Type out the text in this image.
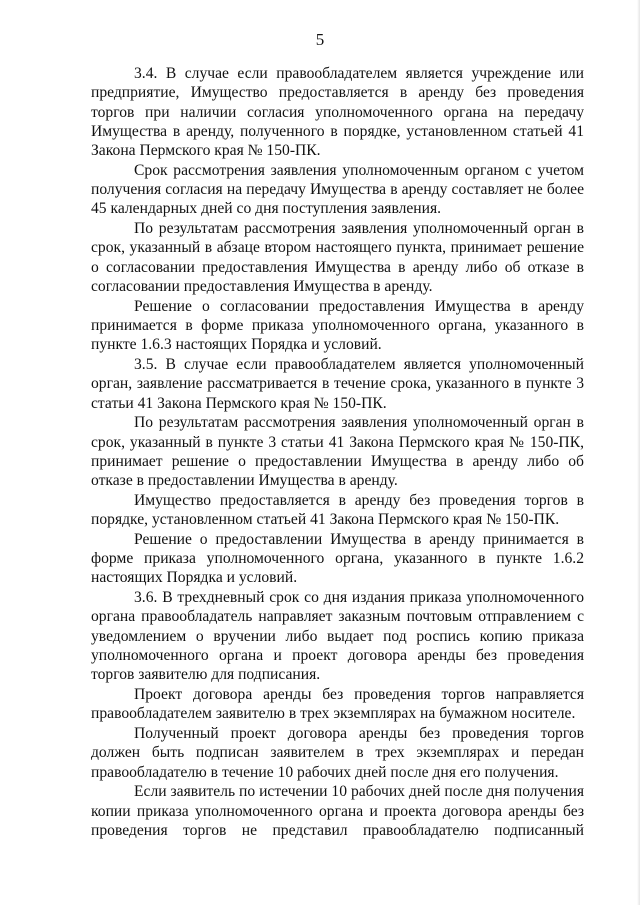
5

3.4. В случае если правообладателем является учреждение или предприятие, Имущество предоставляется в аренду без проведения торгов при наличии согласия уполномоченного органа на передачу Имущества в аренду, полученного в порядке, установленном статьей 41 Закона Пермского края № 150-ПК.

Срок рассмотрения заявления уполномоченным органом с учетом получения согласия на передачу Имущества в аренду составляет не более 45 календарных дней со дня поступления заявления.

По результатам рассмотрения заявления уполномоченный орган в срок, указанный в абзаце втором настоящего пункта, принимает решение о согласовании предоставления Имущества в аренду либо об отказе в согласовании предоставления Имущества в аренду.

Решение о согласовании предоставления Имущества в аренду принимается в форме приказа уполномоченного органа, указанного в пункте 1.6.3 настоящих Порядка и условий.

3.5. В случае если правообладателем является уполномоченный орган, заявление рассматривается в течение срока, указанного в пункте 3 статьи 41 Закона Пермского края № 150-ПК.

По результатам рассмотрения заявления уполномоченный орган в срок, указанный в пункте 3 статьи 41 Закона Пермского края № 150-ПК, принимает решение о предоставлении Имущества в аренду либо об отказе в предоставлении Имущества в аренду.

Имущество предоставляется в аренду без проведения торгов в порядке, установленном статьей 41 Закона Пермского края № 150-ПК.

Решение о предоставлении Имущества в аренду принимается в форме приказа уполномоченного органа, указанного в пункте 1.6.2 настоящих Порядка и условий.

3.6. В трехдневный срок со дня издания приказа уполномоченного органа правообладатель направляет заказным почтовым отправлением с уведомлением о вручении либо выдает под роспись копию приказа уполномоченного органа и проект договора аренды без проведения торгов заявителю для подписания.

Проект договора аренды без проведения торгов направляется правообладателем заявителю в трех экземплярах на бумажном носителе.

Полученный проект договора аренды без проведения торгов должен быть подписан заявителем в трех экземплярах и передан правообладателю в течение 10 рабочих дней после дня его получения.

Если заявитель по истечении 10 рабочих дней после дня получения копии приказа уполномоченного органа и проекта договора аренды без проведения торгов не представил правообладателю подписанный
